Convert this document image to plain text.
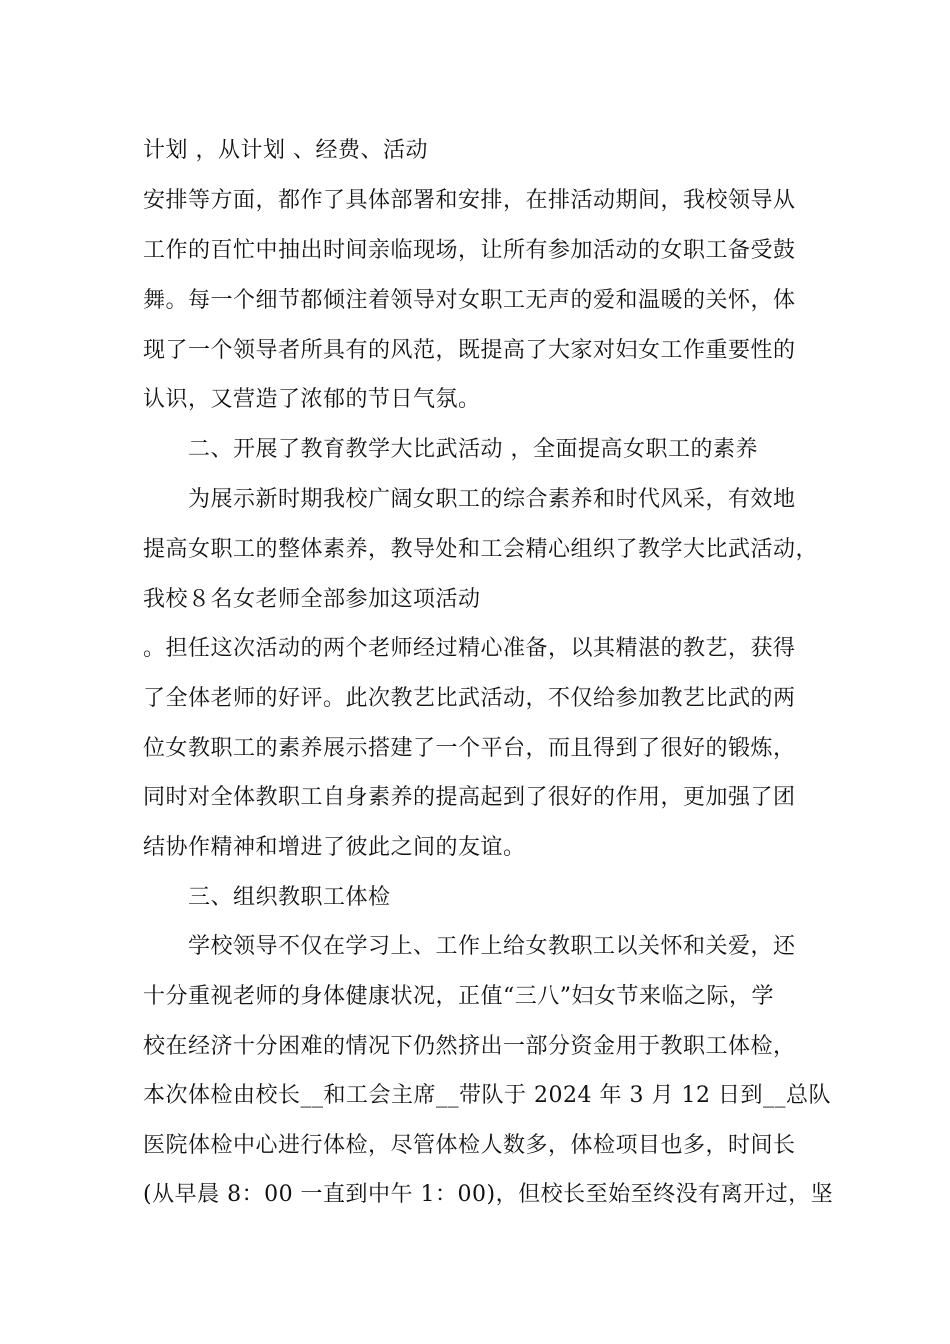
计划 ，从计划 、经费、活动
安排等方面，都作了具体部署和安排，在排活动期间，我校领导从
工作的百忙中抽出时间亲临现场，让所有参加活动的女职工备受鼓
舞。每一个细节都倾注着领导对女职工无声的爱和温暖的关怀，体
现了一个领导者所具有的风范，既提高了大家对妇女工作重要性的
认识，又营造了浓郁的节日气氛。
二、开展了教育教学大比武活动 ，全面提高女职工的素养
为展示新时期我校广阔女职工的综合素养和时代风采，有效地
提高女职工的整体素养，教导处和工会精心组织了教学大比武活动，
我校８名女老师全部参加这项活动
。担任这次活动的两个老师经过精心准备，以其精湛的教艺，获得
了全体老师的好评。此次教艺比武活动，不仅给参加教艺比武的两
位女教职工的素养展示搭建了一个平台，而且得到了很好的锻炼，
同时对全体教职工自身素养的提高起到了很好的作用，更加强了团
结协作精神和增进了彼此之间的友谊。
三、组织教职工体检
学校领导不仅在学习上、工作上给女教职工以关怀和关爱，还
十分重视老师的身体健康状况，正值“三八”妇女节来临之际，学
校在经济十分困难的情况下仍然挤出一部分资金用于教职工体检，
本次体检由校长__和工会主席__带队于 2024 年 3 月 12 日到__总队
医院体检中心进行体检，尽管体检人数多，体检项目也多，时间长
(从早晨 8：00 一直到中午 1：00)，但校长至始至终没有离开过，坚
